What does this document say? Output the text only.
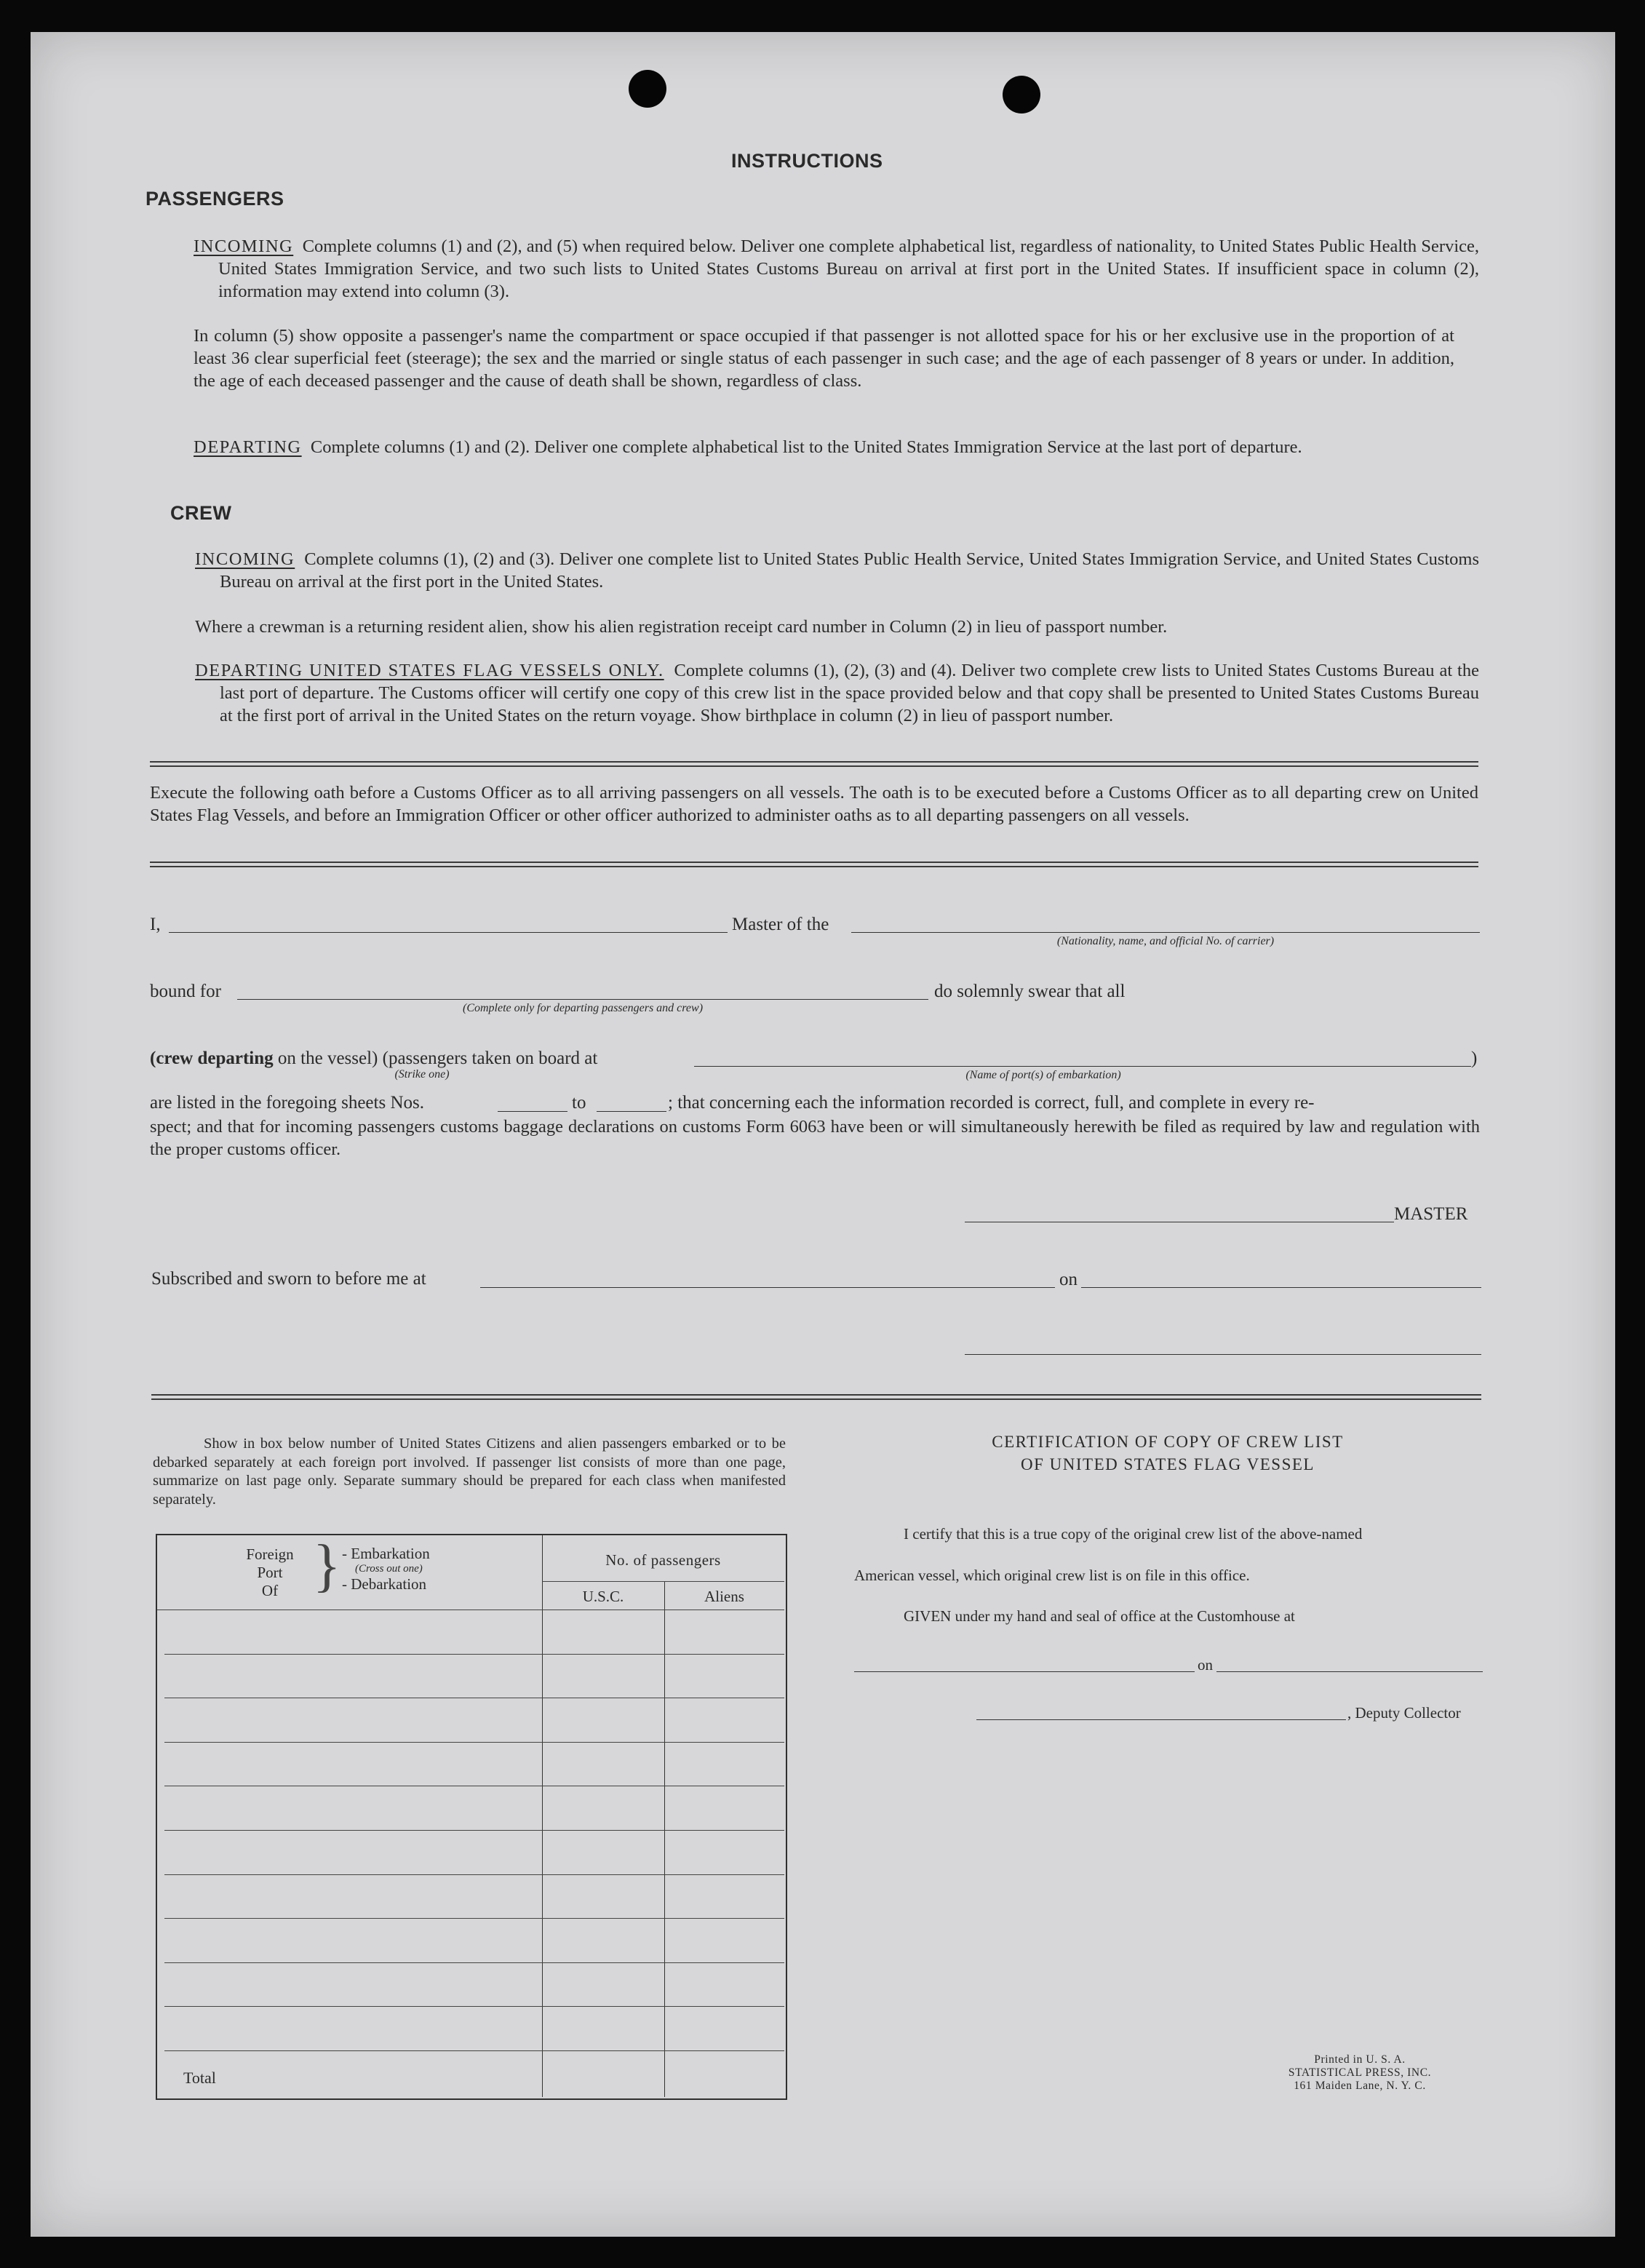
INSTRUCTIONS
PASSENGERS
INCOMING Complete columns (1) and (2), and (5) when required below. Deliver one complete alphabetical list, regardless of nationality, to United States Public Health Service, United States Immigration Service, and two such lists to United States Customs Bureau on arrival at first port in the United States. If insufficient space in column (2), information may extend into column (3).
In column (5) show opposite a passenger's name the compartment or space occupied if that passenger is not allotted space for his or her exclusive use in the proportion of at least 36 clear superficial feet (steerage); the sex and the married or single status of each passenger in such case; and the age of each passenger of 8 years or under. In addition, the age of each deceased passenger and the cause of death shall be shown, regardless of class.
DEPARTING Complete columns (1) and (2). Deliver one complete alphabetical list to the United States Immigration Service at the last port of departure.
CREW
INCOMING Complete columns (1), (2) and (3). Deliver one complete list to United States Public Health Service, United States Immigration Service, and United States Customs Bureau on arrival at the first port in the United States.
Where a crewman is a returning resident alien, show his alien registration receipt card number in Column (2) in lieu of passport number.
DEPARTING UNITED STATES FLAG VESSELS ONLY. Complete columns (1), (2), (3) and (4). Deliver two complete crew lists to United States Customs Bureau at the last port of departure. The Customs officer will certify one copy of this crew list in the space provided below and that copy shall be presented to United States Customs Bureau at the first port of arrival in the United States on the return voyage. Show birthplace in column (2) in lieu of passport number.
Execute the following oath before a Customs Officer as to all arriving passengers on all vessels. The oath is to be executed before a Customs Officer as to all departing crew on United States Flag Vessels, and before an Immigration Officer or other officer authorized to administer oaths as to all departing passengers on all vessels.
I,	Master of the
(Nationality, name, and official No. of carrier)
bound for
(Complete only for departing passengers and crew)
do solemnly swear that all
(crew departing on the vessel) (passengers taken on board at
(Strike one)
)
(Name of port(s) of embarkation)
are listed in the foregoing sheets Nos.	to	; that concerning each the information recorded is correct, full, and complete in every re-
spect; and that for incoming passengers customs baggage declarations on customs Form 6063 have been or will simultaneously herewith be filed as required by law and regulation with the proper customs officer.
MASTER
Subscribed and sworn to before me at	on
Show in box below number of United States Citizens and alien passengers embarked or to be debarked separately at each foreign port involved. If passenger list consists of more than one page, summarize on last page only. Separate summary should be prepared for each class when manifested separately.
Foreign
Port
Of } - Embarkation
(Cross out one)
- Debarkation
No. of passengers
U.S.C.	Aliens
Total
CERTIFICATION OF COPY OF CREW LIST
OF UNITED STATES FLAG VESSEL
I certify that this is a true copy of the original crew list of the above-named
American vessel, which original crew list is on file in this office.
GIVEN under my hand and seal of office at the Customhouse at
on
, Deputy Collector
Printed in U. S. A.
STATISTICAL PRESS, INC.
161 Maiden Lane, N. Y. C.
